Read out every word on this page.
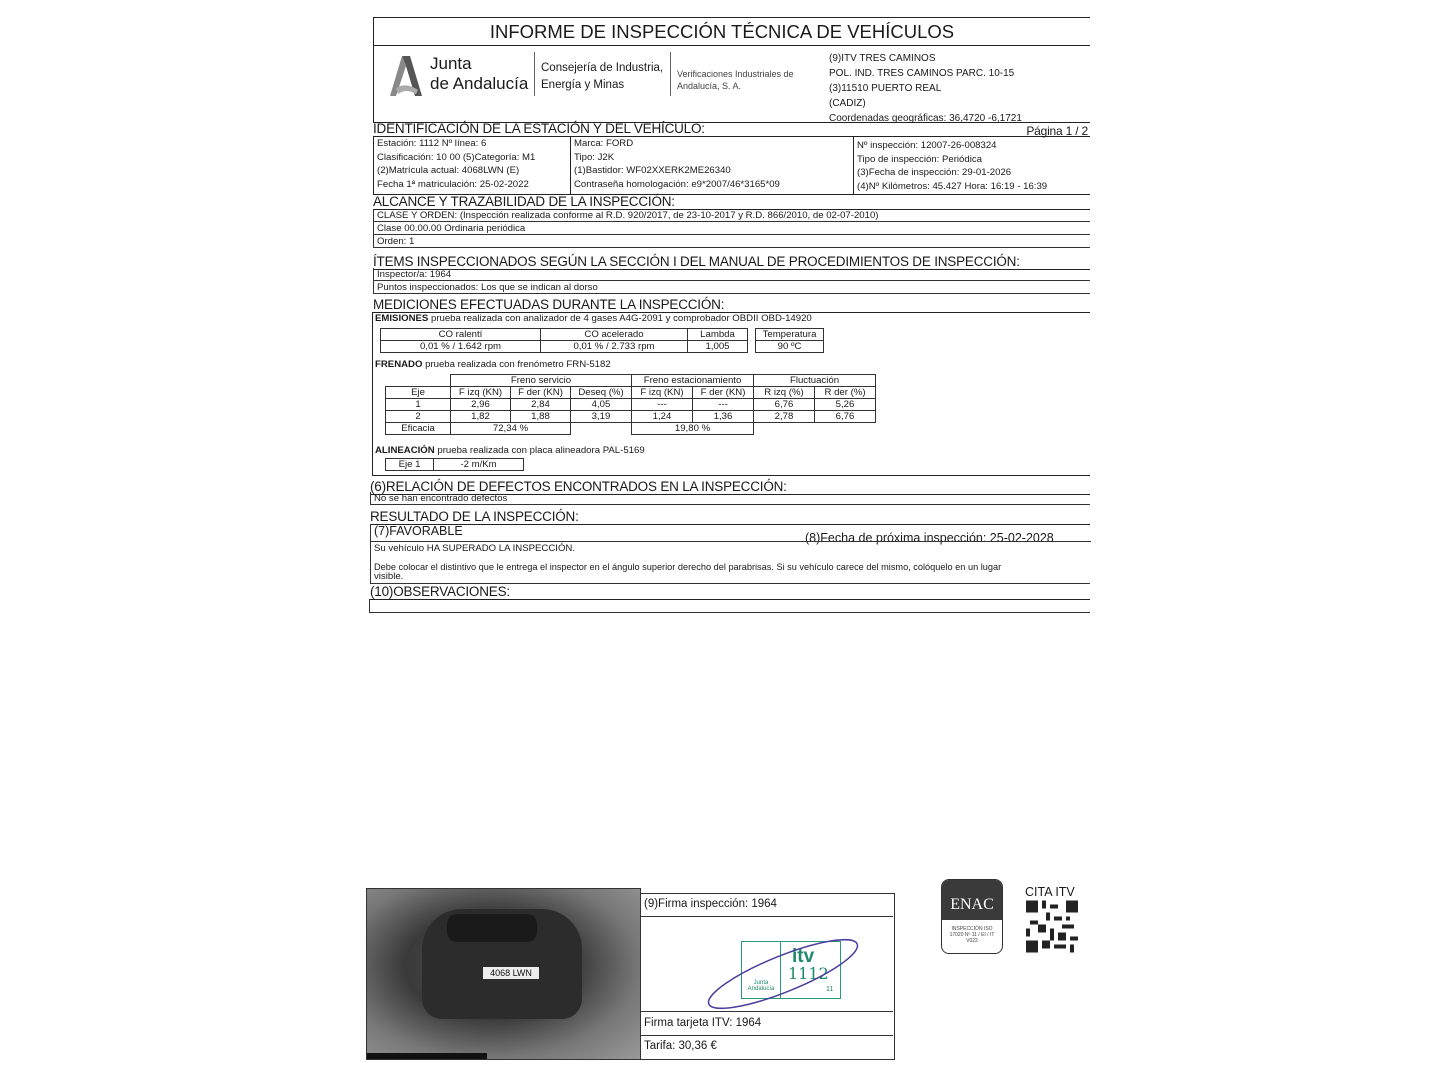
INFORME DE INSPECCIÓN TÉCNICA DE VEHÍCULOS
Junta
de Andalucía
Consejería de Industria,
Energía y Minas
Verificaciones Industriales de
Andalucía, S. A.
(9)ITV TRES CAMINOS
POL. IND. TRES CAMINOS PARC. 10-15
(3)11510 PUERTO REAL
(CADIZ)
Coordenadas geográficas: 36,4720 -6,1721
IDENTIFICACIÓN DE LA ESTACIÓN Y DEL VEHÍCULO:	Página 1 / 2
Estación: 1112 Nº línea: 6
Clasificación: 10 00 (5)Categoría: M1
(2)Matrícula actual: 4068LWN (E)
Fecha 1ª matriculación: 25-02-2022
Marca: FORD
Tipo: J2K
(1)Bastidor: WF02XXERK2ME26340
Contraseña homologación: e9*2007/46*3165*09
Nº inspección: 12007-26-008324
Tipo de inspección: Periódica
(3)Fecha de inspección: 29-01-2026
(4)Nº Kilómetros: 45.427 Hora: 16:19 - 16:39
ALCANCE Y TRAZABILIDAD DE LA INSPECCIÓN:
CLASE Y ORDEN: (Inspección realizada conforme al R.D. 920/2017, de 23-10-2017 y R.D. 866/2010, de 02-07-2010)
Clase 00.00.00 Ordinaria periódica
Orden: 1
ÍTEMS INSPECCIONADOS SEGÚN LA SECCIÓN I DEL MANUAL DE PROCEDIMIENTOS DE INSPECCIÓN:
Inspector/a: 1964
Puntos inspeccionados: Los que se indican al dorso
MEDICIONES EFECTUADAS DURANTE LA INSPECCIÓN:
EMISIONES prueba realizada con analizador de 4 gases A4G-2091 y comprobador OBDII OBD-14920
CO ralentí	CO acelerado	Lambda		Temperatura
0,01 % / 1.642 rpm	0,01 % / 2.733 rpm	1,005		90 ºC
FRENADO prueba realizada con frenómetro FRN-5182
	Freno servicio			Freno estacionamiento		Fluctuación	
Eje	F izq (KN)	F der (KN)	Deseq (%)	F izq (KN)	F der (KN)	R izq (%)	R der (%)
1	2,96	2,84	4,05	---	---	6,76	5,26
2	1,82	1,88	3,19	1,24	1,36	2,78	6,76
Eficacia	72,34 %			19,80 %			
ALINEACIÓN prueba realizada con placa alineadora PAL-5169
Eje 1	-2 m/Km
(6)RELACIÓN DE DEFECTOS ENCONTRADOS EN LA INSPECCIÓN:
No se han encontrado defectos
RESULTADO DE LA INSPECCIÓN:
(7)FAVORABLE	(8)Fecha de próxima inspección: 25-02-2028
Su vehículo HA SUPERADO LA INSPECCIÓN.
Debe colocar el distintivo que le entrega el inspector en el ángulo superior derecho del parabrisas. Si su vehículo carece del mismo, colóquelo en un lugar
visible.
(10)OBSERVACIONES:
4068 LWN
(9)Firma inspección: 1964
Junta Andalucía
itv
1112
11
Firma tarjeta ITV: 1964
Tarifa: 30,36 €
ENAC
INSPECCIÓN ISO 17020 Nº 11 / EI / IT V022
CITA ITV
